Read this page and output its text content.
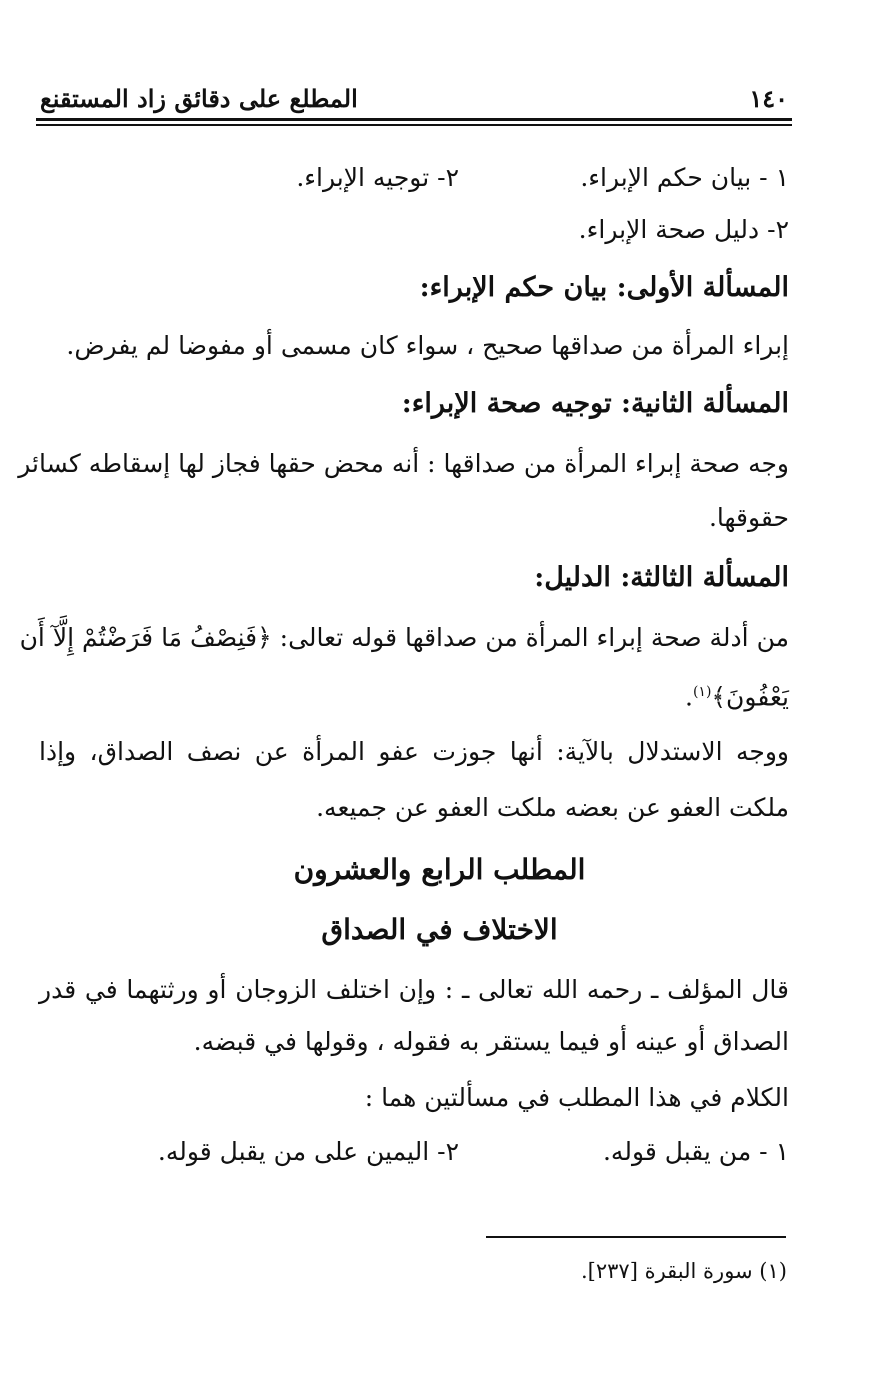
١٤٠
المطلع على دقائق زاد المستقنع
١ - بيان حكم الإبراء.
٢- توجيه الإبراء.
٢- دليل صحة الإبراء.
المسألة الأولى: بيان حكم الإبراء:
إبراء المرأة من صداقها صحيح ، سواء كان مسمى أو مفوضا لم يفرض.
المسألة الثانية: توجيه صحة الإبراء:
وجه صحة إبراء المرأة من صداقها : أنه محض حقها فجاز لها إسقاطه كسائر
حقوقها.
المسألة الثالثة: الدليل:
من أدلة صحة إبراء المرأة من صداقها قوله تعالى: ﴿فَنِصْفُ مَا فَرَضْتُمْ إِلَّآ أَن
يَعْفُونَ﴾$^{(١)}$.
ووجه الاستدلال بالآية: أنها جوزت عفو المرأة عن نصف الصداق، وإذا
ملكت العفو عن بعضه ملكت العفو عن جميعه.
المطلب الرابع والعشرون
الاختلاف في الصداق
قال المؤلف ـ رحمه الله تعالى ـ : وإن اختلف الزوجان أو ورثتهما في قدر
الصداق أو عينه أو فيما يستقر به فقوله ، وقولها في قبضه.
الكلام في هذا المطلب في مسألتين هما :
١ - من يقبل قوله.
٢- اليمين على من يقبل قوله.
(١) سورة البقرة [٢٣٧].
